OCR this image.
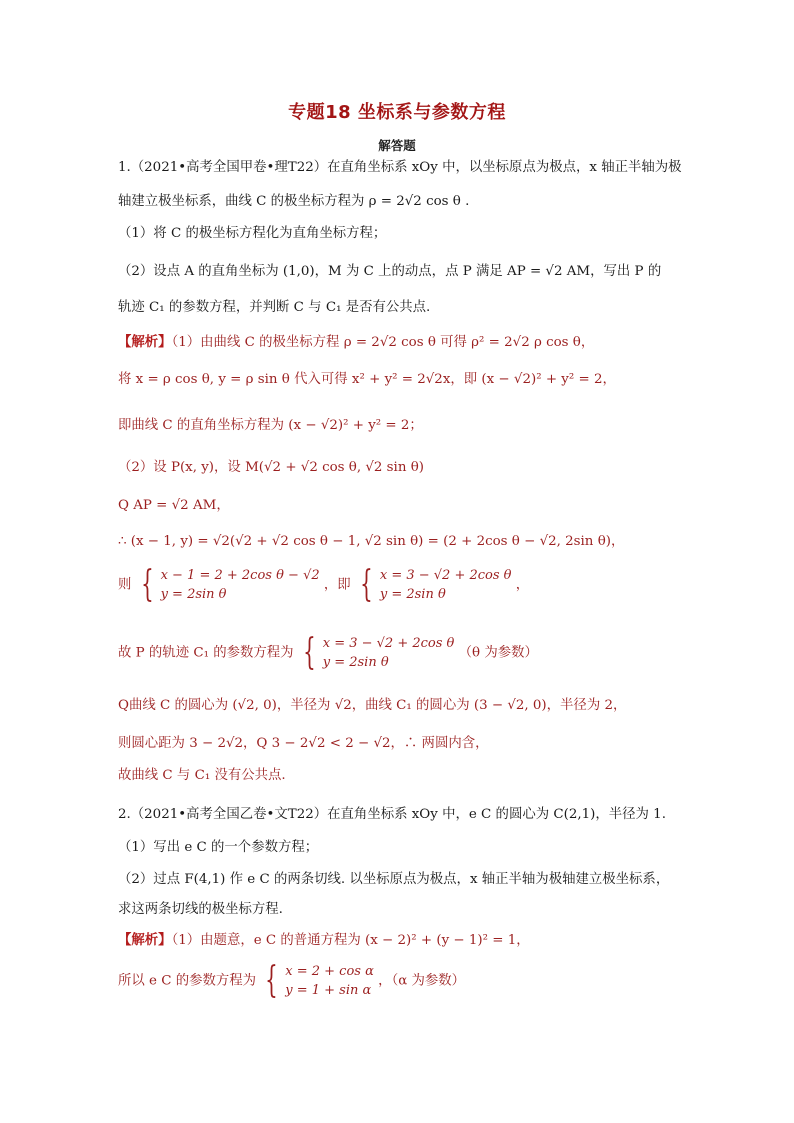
专题18 坐标系与参数方程
解答题
1.（2021•高考全国甲卷•理T22）在直角坐标系 xOy 中，以坐标原点为极点，x 轴正半轴为极
轴建立极坐标系，曲线 C 的极坐标方程为 ρ = 2√2 cos θ .
（1）将 C 的极坐标方程化为直角坐标方程；
（2）设点 A 的直角坐标为 (1,0)，M 为 C 上的动点，点 P 满足 AP = √2 AM，写出 P 的
轨迹 C₁ 的参数方程，并判断 C 与 C₁ 是否有公共点.
【解析】（1）由曲线 C 的极坐标方程 ρ = 2√2 cos θ 可得 ρ² = 2√2 ρ cos θ，
将 x = ρ cos θ, y = ρ sin θ 代入可得 x² + y² = 2√2x，即 (x − √2)² + y² = 2，
即曲线 C 的直角坐标方程为 (x − √2)² + y² = 2；
（2）设 P(x, y)，设 M(√2 + √2 cos θ, √2 sin θ)
Q AP = √2 AM，
∴ (x − 1, y) = √2(√2 + √2 cos θ − 1, √2 sin θ) = (2 + 2cos θ − √2, 2sin θ)，
则 { x − 1 = 2 + 2cos θ − √2
y = 2sin θ
，即 { x = 3 − √2 + 2cos θ
y = 2sin θ
，
故 P 的轨迹 C₁ 的参数方程为 { x = 3 − √2 + 2cos θ
y = 2sin θ
（θ 为参数）
Q曲线 C 的圆心为 (√2, 0)，半径为 √2，曲线 C₁ 的圆心为 (3 − √2, 0)，半径为 2，
则圆心距为 3 − 2√2，Q 3 − 2√2 < 2 − √2，∴ 两圆内含，
故曲线 C 与 C₁ 没有公共点.
2.（2021•高考全国乙卷•文T22）在直角坐标系 xOy 中，e C 的圆心为 C(2,1)，半径为 1.
（1）写出 e C 的一个参数方程；
（2）过点 F(4,1) 作 e C 的两条切线. 以坐标原点为极点，x 轴正半轴为极轴建立极坐标系，
求这两条切线的极坐标方程.
【解析】（1）由题意，e C 的普通方程为 (x − 2)² + (y − 1)² = 1，
所以 e C 的参数方程为 { x = 2 + cos α
y = 1 + sin α
，（α 为参数）
